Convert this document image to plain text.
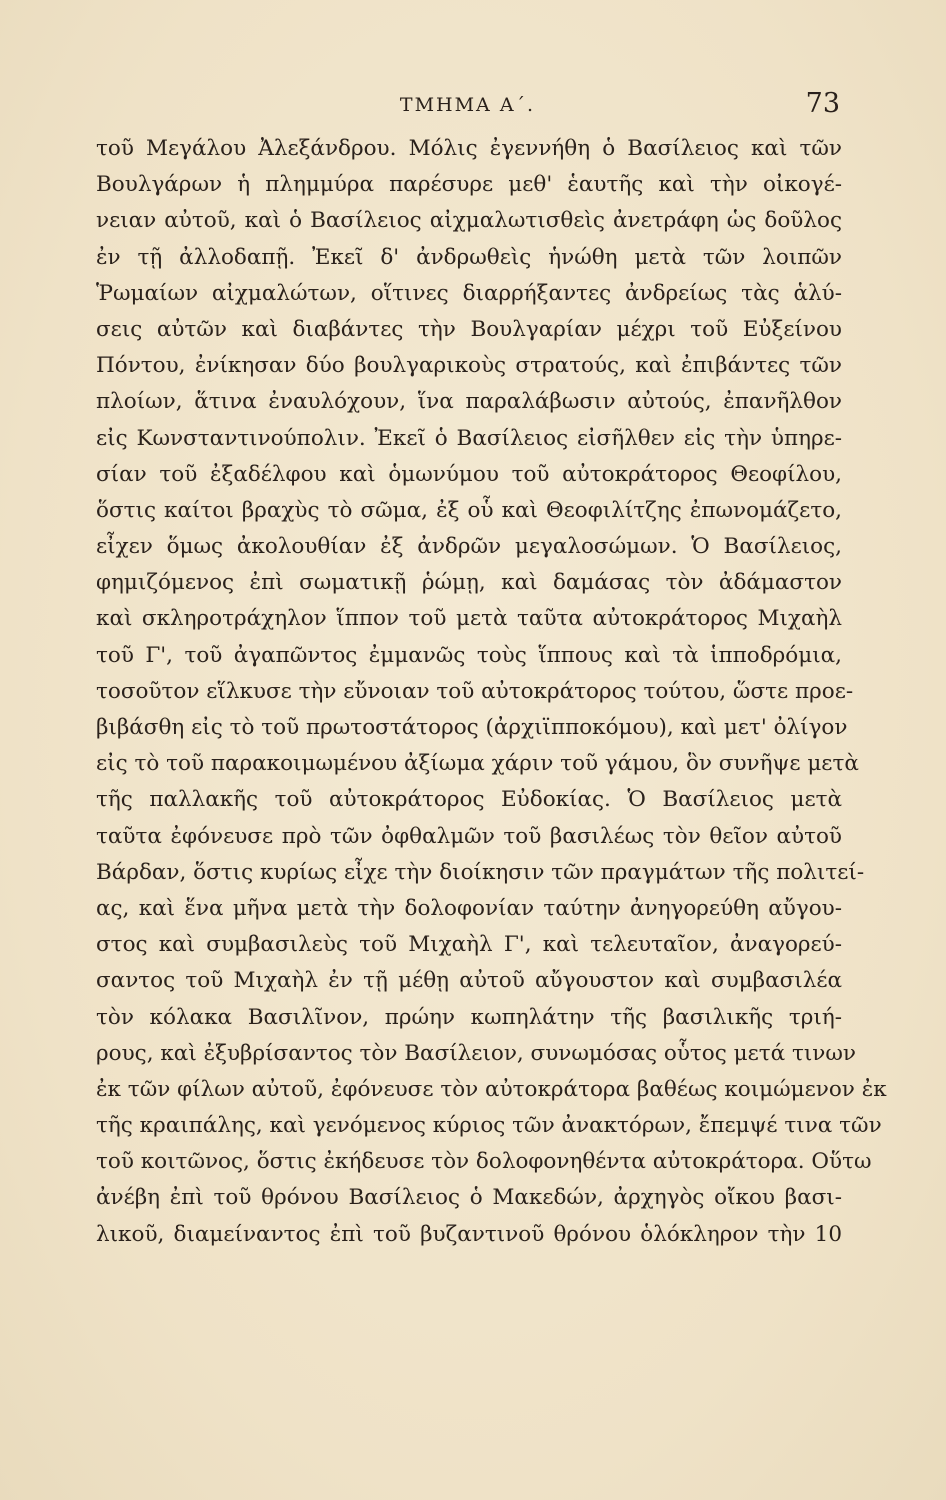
ΤΜΗΜΑ Α΄.	73
τοῦ Μεγάλου Ἀλεξάνδρου. Μόλις ἐγεννήθη ὁ Βασίλειος καὶ τῶν
Βουλγάρων ἡ πλημμύρα παρέσυρε μεθ' ἑαυτῆς καὶ τὴν οἰκογέ-
νειαν αὐτοῦ, καὶ ὁ Βασίλειος αἰχμαλωτισθεὶς ἀνετράφη ὡς δοῦλος
ἐν τῇ ἀλλοδαπῇ. Ἐκεῖ δ' ἀνδρωθεὶς ἡνώθη μετὰ τῶν λοιπῶν
Ῥωμαίων αἰχμαλώτων, οἵτινες διαρρήξαντες ἀνδρείως τὰς ἁλύ-
σεις αὐτῶν καὶ διαβάντες τὴν Βουλγαρίαν μέχρι τοῦ Εὐξείνου
Πόντου, ἐνίκησαν δύο βουλγαρικοὺς στρατούς, καὶ ἐπιβάντες τῶν
πλοίων, ἅτινα ἐναυλόχουν, ἵνα παραλάβωσιν αὐτούς, ἐπανῆλθον
εἰς Κωνσταντινούπολιν. Ἐκεῖ ὁ Βασίλειος εἰσῆλθεν εἰς τὴν ὑπηρε-
σίαν τοῦ ἐξαδέλφου καὶ ὁμωνύμου τοῦ αὐτοκράτορος Θεοφίλου,
ὅστις καίτοι βραχὺς τὸ σῶμα, ἐξ οὗ καὶ Θεοφιλίτζης ἐπωνομάζετο,
εἶχεν ὅμως ἀκολουθίαν ἐξ ἀνδρῶν μεγαλοσώμων. Ὁ Βασίλειος,
φημιζόμενος ἐπὶ σωματικῇ ῥώμῃ, καὶ δαμάσας τὸν ἀδάμαστον
καὶ σκληροτράχηλον ἵππον τοῦ μετὰ ταῦτα αὐτοκράτορος Μιχαὴλ
τοῦ Γ', τοῦ ἀγαπῶντος ἐμμανῶς τοὺς ἵππους καὶ τὰ ἱπποδρόμια,
τοσοῦτον εἵλκυσε τὴν εὔνοιαν τοῦ αὐτοκράτορος τούτου, ὥστε προε-
βιβάσθη εἰς τὸ τοῦ πρωτοστάτορος (ἀρχιϊπποκόμου), καὶ μετ' ὀλίγον
εἰς τὸ τοῦ παρακοιμωμένου ἀξίωμα χάριν τοῦ γάμου, ὃν συνῆψε μετὰ
τῆς παλλακῆς τοῦ αὐτοκράτορος Εὐδοκίας. Ὁ Βασίλειος μετὰ
ταῦτα ἐφόνευσε πρὸ τῶν ὀφθαλμῶν τοῦ βασιλέως τὸν θεῖον αὐτοῦ
Βάρδαν, ὅστις κυρίως εἶχε τὴν διοίκησιν τῶν πραγμάτων τῆς πολιτεί-
ας, καὶ ἕνα μῆνα μετὰ τὴν δολοφονίαν ταύτην ἀνηγορεύθη αὔγου-
στος καὶ συμβασιλεὺς τοῦ Μιχαὴλ Γ', καὶ τελευταῖον, ἀναγορεύ-
σαντος τοῦ Μιχαὴλ ἐν τῇ μέθῃ αὐτοῦ αὔγουστον καὶ συμβασιλέα
τὸν κόλακα Βασιλῖνον, πρώην κωπηλάτην τῆς βασιλικῆς τριή-
ρους, καὶ ἐξυβρίσαντος τὸν Βασίλειον, συνωμόσας οὗτος μετά τινων
ἐκ τῶν φίλων αὐτοῦ, ἐφόνευσε τὸν αὐτοκράτορα βαθέως κοιμώμενον ἐκ
τῆς κραιπάλης, καὶ γενόμενος κύριος τῶν ἀνακτόρων, ἔπεμψέ τινα τῶν
τοῦ κοιτῶνος, ὅστις ἐκήδευσε τὸν δολοφονηθέντα αὐτοκράτορα. Οὕτω
ἀνέβη ἐπὶ τοῦ θρόνου Βασίλειος ὁ Μακεδών, ἀρχηγὸς οἴκου βασι-
λικοῦ, διαμείναντος ἐπὶ τοῦ βυζαντινοῦ θρόνου ὁλόκληρον τὴν 10
